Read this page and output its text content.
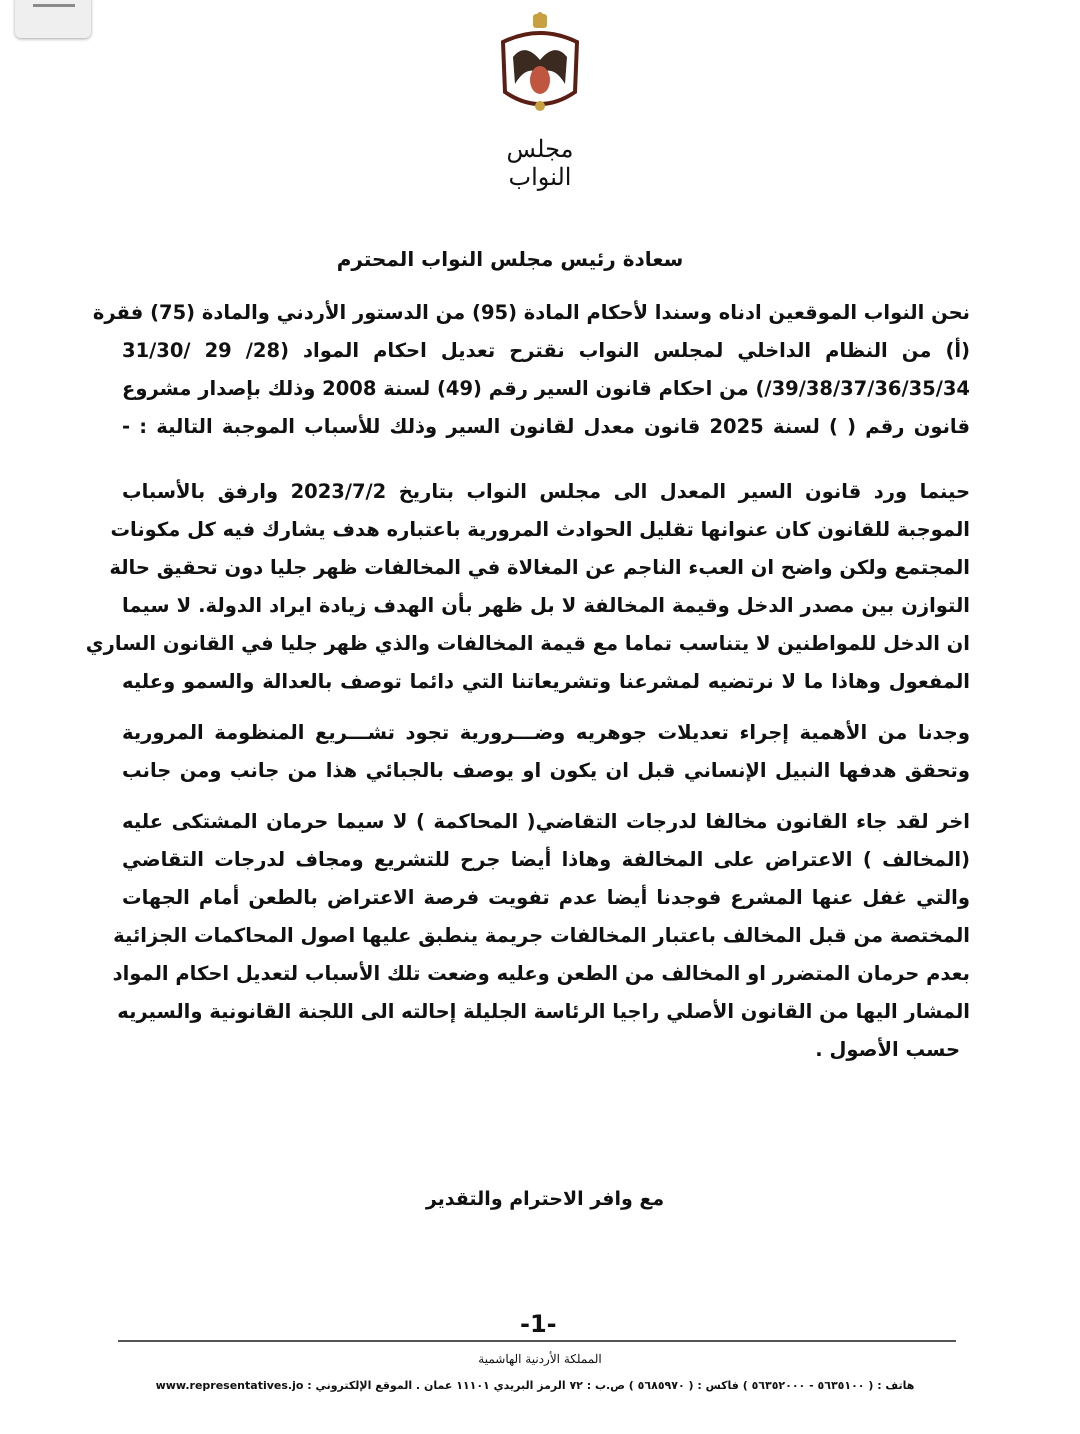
مجلس النواب
سعادة رئيس مجلس النواب المحترم
نحن النواب الموقعين ادناه وسندا لأحكام المادة (95) من الدستور الأردني والمادة (75) فقرة
(أ) من النظام الداخلي لمجلس النواب نقترح تعديل احكام المواد (28/ 29 /31/30
39/38/37/36/35/34/) من احكام قانون السير رقم (49) لسنة 2008 وذلك بإصدار مشروع
قانون رقم ( ) لسنة 2025 قانون معدل لقانون السير وذلك للأسباب الموجبة التالية : -
حينما ورد قانون السير المعدل الى مجلس النواب بتاريخ 2023/7/2 وارفق بالأسباب
الموجبة للقانون كان عنوانها تقليل الحوادث المرورية باعتباره هدف يشارك فيه كل مكونات
المجتمع ولكن واضح ان العبء الناجم عن المغالاة في المخالفات ظهر جليا دون تحقيق حالة
التوازن بين مصدر الدخل وقيمة المخالفة لا بل ظهر بأن الهدف زيادة ايراد الدولة. لا سيما
ان الدخل للمواطنين لا يتناسب تماما مع قيمة المخالفات والذي ظهر جليا في القانون الساري
المفعول وهاذا ما لا نرتضيه لمشرعنا وتشريعاتنا التي دائما توصف بالعدالة والسمو وعليه
وجدنا من الأهمية إجراء تعديلات جوهريه وضـــرورية تجود تشـــريع المنظومة المرورية
وتحقق هدفها النبيل الإنساني قبل ان يكون او يوصف بالجبائي هذا من جانب ومن جانب
اخر لقد جاء القانون مخالفا لدرجات التقاضي( المحاكمة ) لا سيما حرمان المشتكى عليه
(المخالف ) الاعتراض على المخالفة وهاذا أيضا جرح للتشريع ومجاف لدرجات التقاضي
والتي غفل عنها المشرع فوجدنا أيضا عدم تفويت فرصة الاعتراض بالطعن أمام الجهات
المختصة من قبل المخالف باعتبار المخالفات جريمة ينطبق عليها اصول المحاكمات الجزائية
بعدم حرمان المتضرر او المخالف من الطعن وعليه وضعت تلك الأسباب لتعديل احكام المواد
المشار اليها من القانون الأصلي راجيا الرئاسة الجليلة إحالته الى اللجنة القانونية والسيريه
حسب الأصول .
مع وافر الاحترام والتقدير
-1-
المملكة الأردنية الهاشمية
هاتف : ( ٥٦٣٥١٠٠ - ٥٦٣٥٢٠٠٠ ) فاكس : ( ٥٦٨٥٩٧٠ ) ص.ب : ٧٢ الرمز البريدي ١١١٠١ عمان . الموقع الإلكتروني : www.representatives.jo
